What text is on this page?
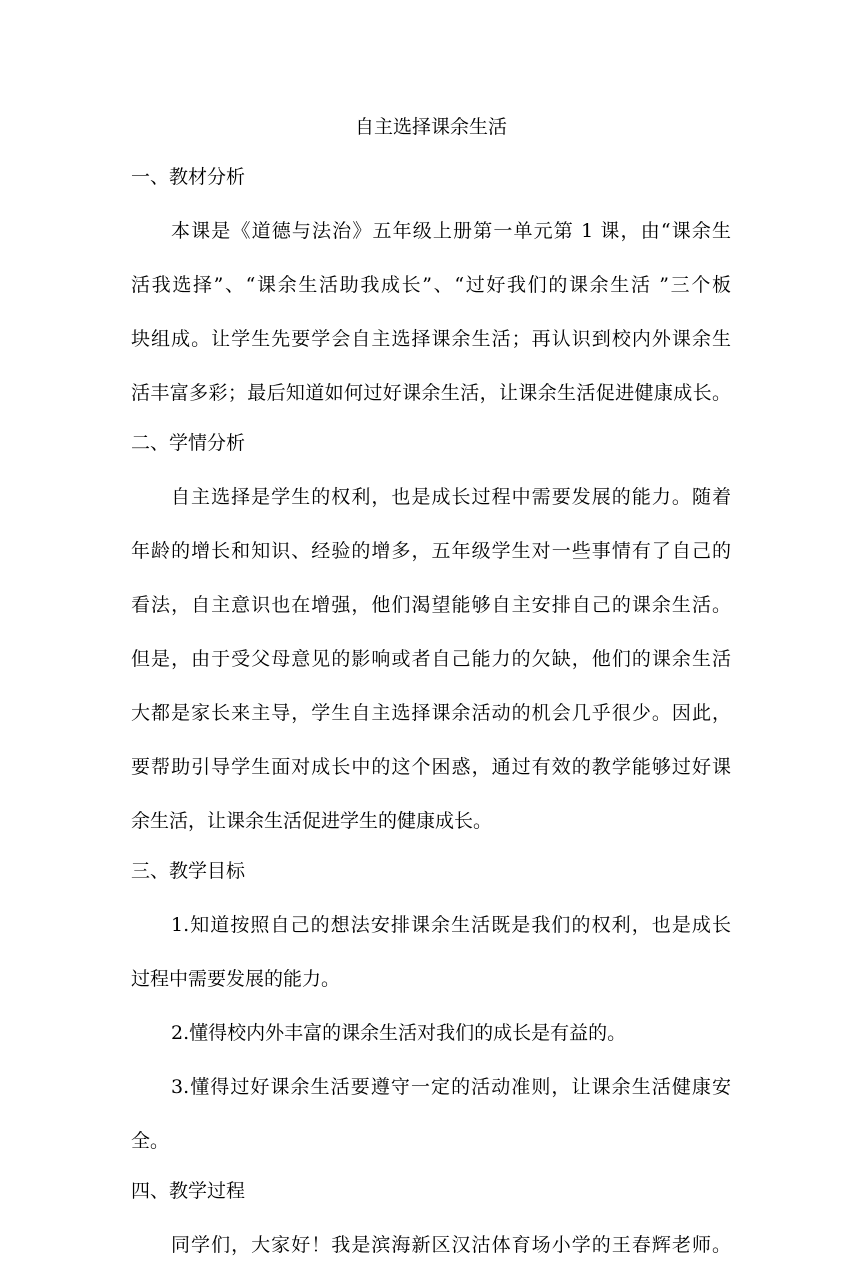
自主选择课余生活
一、教材分析
本课是《道德与法治》五年级上册第一单元第 1 课，由“课余生
活我选择”、“课余生活助我成长”、“过好我们的课余生活 ”三个板
块组成。让学生先要学会自主选择课余生活；再认识到校内外课余生
活丰富多彩；最后知道如何过好课余生活，让课余生活促进健康成长。
二、学情分析
自主选择是学生的权利，也是成长过程中需要发展的能力。随着
年龄的增长和知识、经验的增多，五年级学生对一些事情有了自己的
看法，自主意识也在增强，他们渴望能够自主安排自己的课余生活。
但是，由于受父母意见的影响或者自己能力的欠缺，他们的课余生活
大都是家长来主导，学生自主选择课余活动的机会几乎很少。因此，
要帮助引导学生面对成长中的这个困惑，通过有效的教学能够过好课
余生活，让课余生活促进学生的健康成长。
三、教学目标
1.知道按照自己的想法安排课余生活既是我们的权利，也是成长
过程中需要发展的能力。
2.懂得校内外丰富的课余生活对我们的成长是有益的。
3.懂得过好课余生活要遵守一定的活动准则，让课余生活健康安
全。
四、教学过程
同学们，大家好！我是滨海新区汉沽体育场小学的王春辉老师。
